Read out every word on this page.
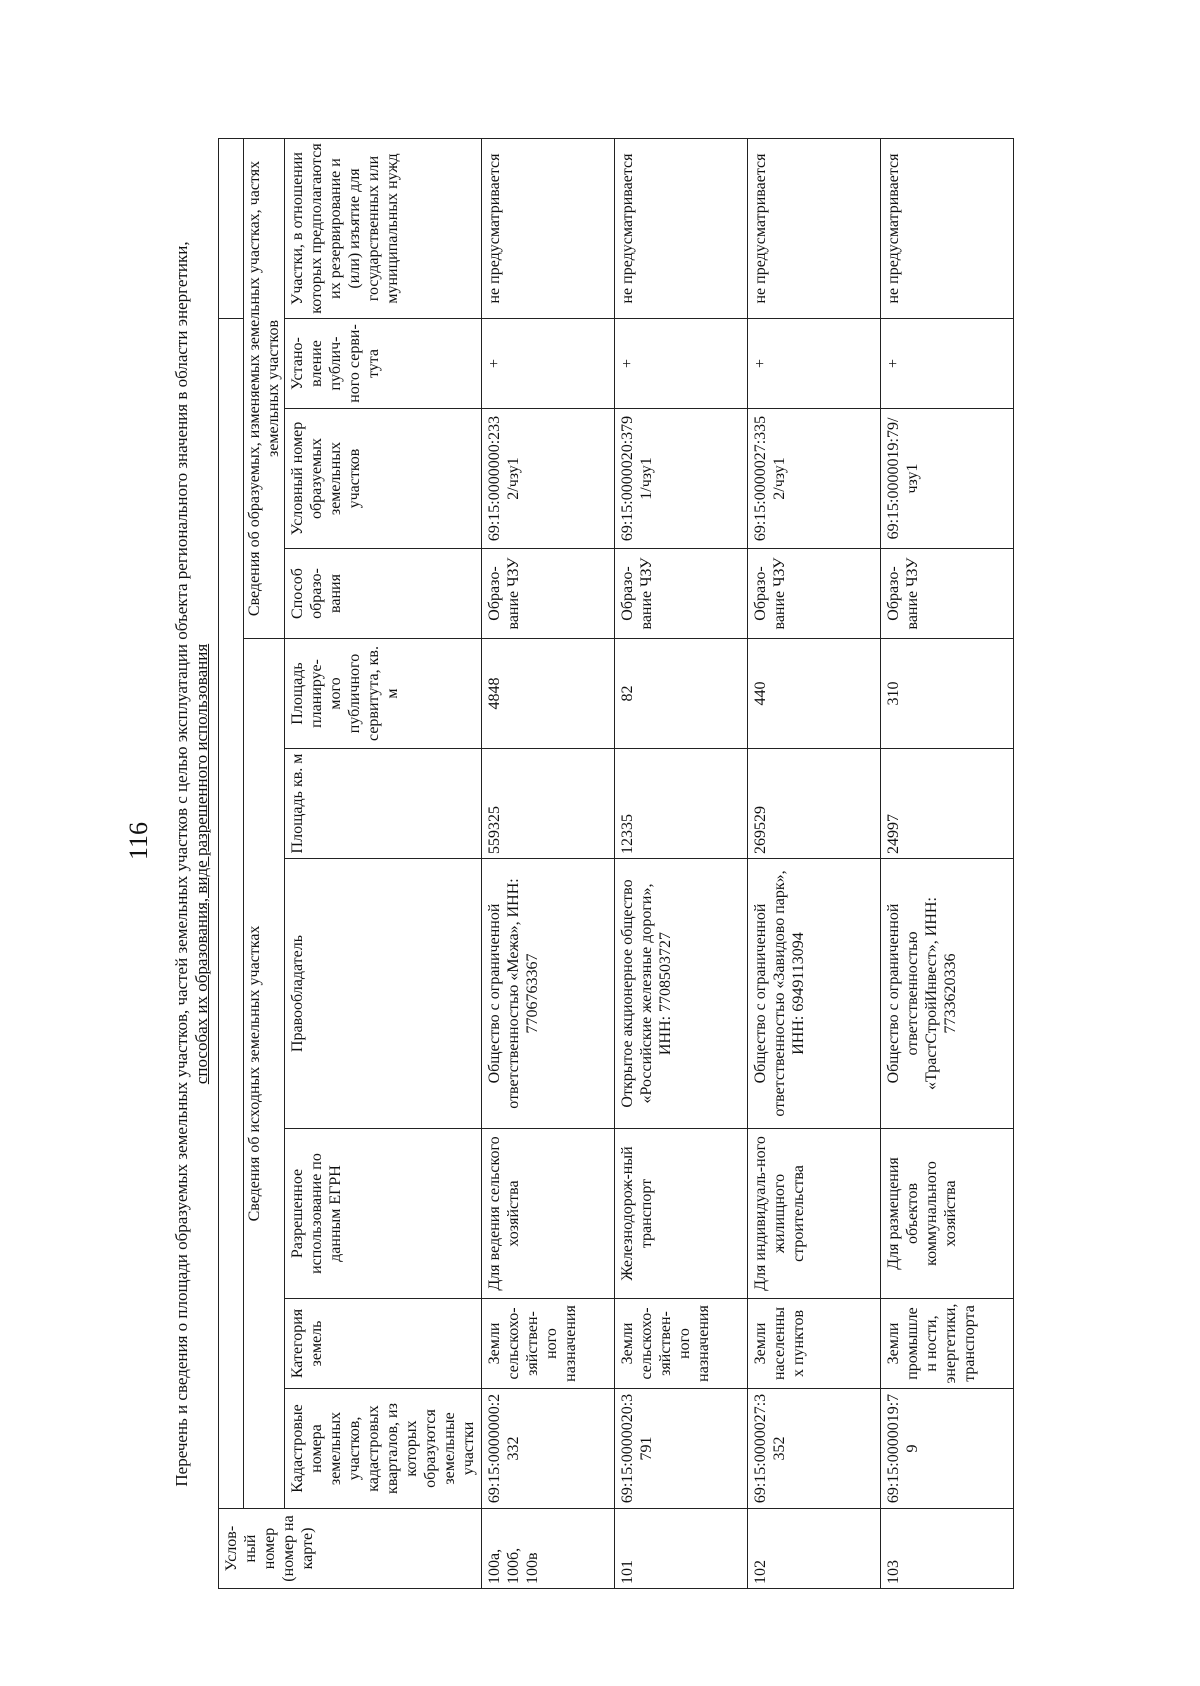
116 Перечень и сведения о площади образуемых земельных участков, частей земельных участков с целью эксплуатации объекта регионального значения в области энергетики, способах их образования, виде разрешенного использования
Услов-ный номер (номер на карте)										
	Сведения об исходных земельных участках						Сведения об образуемых, изменяемых земельных участках, частях земельных участков			
	Кадастровые номера земельных участков, кадастровых кварталов, из которых образуются земельные участки	Категория земель	Разрешенное использование по данным ЕГРН	Правообладатель	Площадь кв. м	Площадь планируе-мого публичного сервитута, кв. м	Способ образо-вания	Условный номер образуемых земельных участков	Устано-вление публич-ного серви-тута	Участки, в отношении которых предполагаются их резервирование и (или) изъятие для государственных или муниципальных нужд
100а, 100б, 100в	69:15:0000000:2332	Земли сельскохо-зяйствен-ного назначения	Для ведения сельского хозяйства	Общество с ограниченной ответственностью «Межа», ИНН: 7706763367	559325	4848	Образо-вание ЧЗУ	69:15:0000000:2332/чзу1	+	не предусматривается
101	69:15:0000020:3791	Земли сельскохо-зяйствен-ного назначения	Железнодорож-ный транспорт	Открытое акционерное общество «Российские железные дороги», ИНН: 7708503727	12335	82	Образо-вание ЧЗУ	69:15:0000020:3791/чзу1	+	не предусматривается
102	69:15:0000027:3352	Земли населенных пунктов	Для индивидуаль-ного жилищного строительства	Общество с ограниченной ответственностью «Завидово парк», ИНН: 6949113094	269529	440	Образо-вание ЧЗУ	69:15:0000027:3352/чзу1	+	не предусматривается
103	69:15:0000019:79	Земли промышлен ности, энергетики, транспорта	Для размещения объектов коммунального хозяйства	Общество с ограниченной ответственностью «ТрастСтройИнвест», ИНН: 7733620336	24997	310	Образо-вание ЧЗУ	69:15:0000019:79/чзу1	+	не предусматривается
